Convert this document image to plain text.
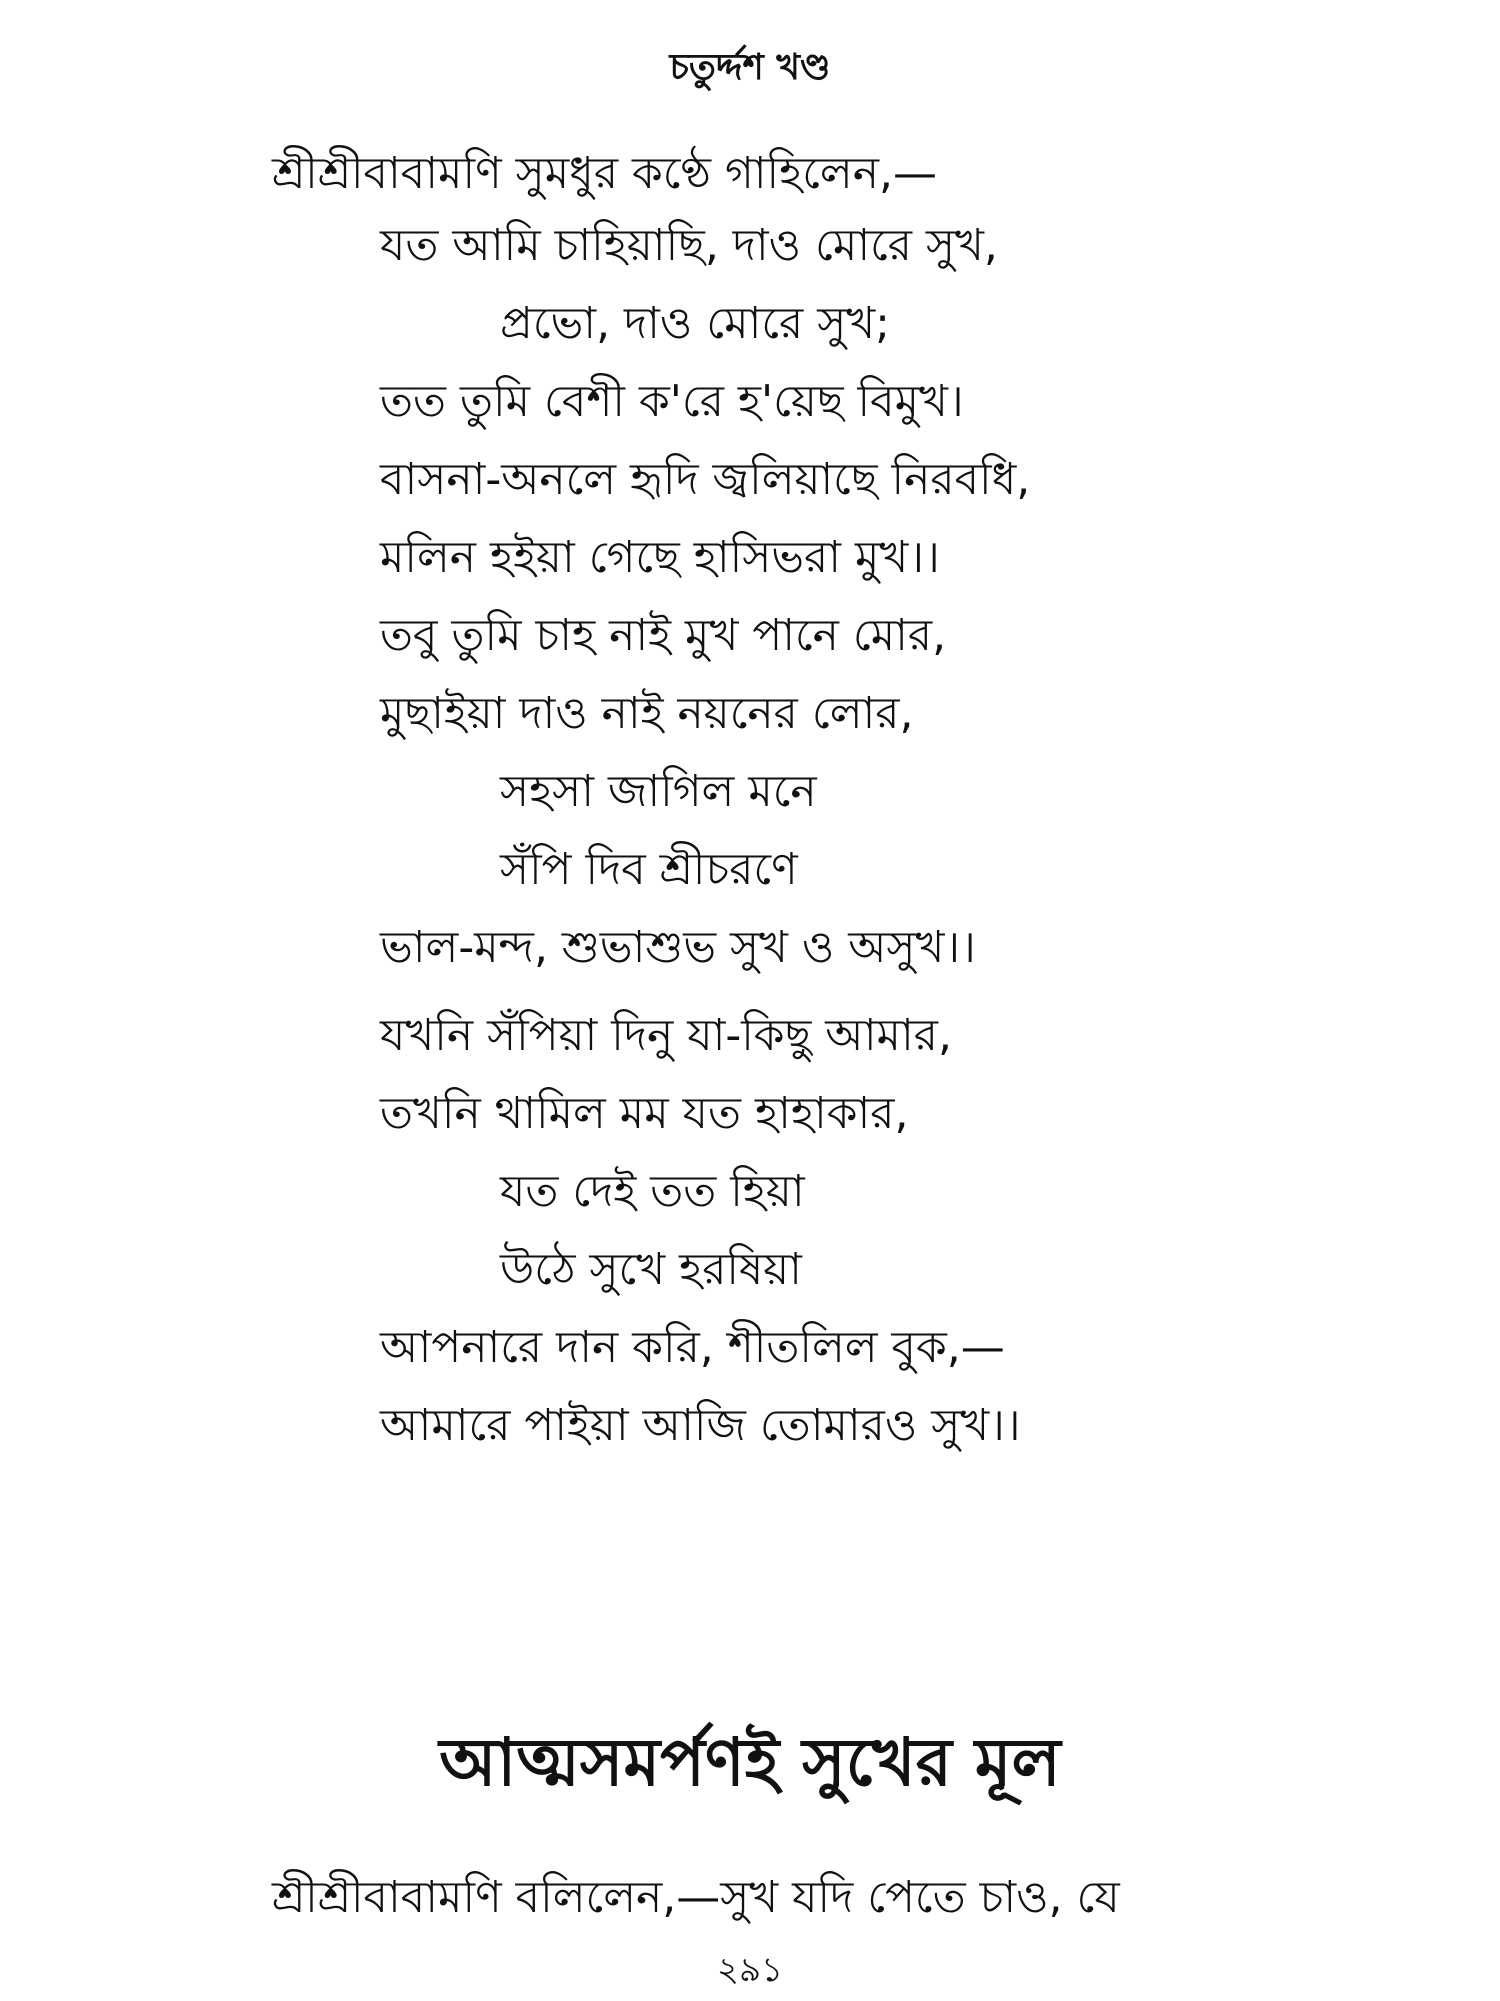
চতুর্দ্দশ খণ্ড
শ্রীশ্রীবাবামণি সুমধুর কণ্ঠে গাহিলেন,—
যত আমি চাহিয়াছি, দাও মোরে সুখ,
প্রভো, দাও মোরে সুখ;
তত তুমি বেশী ক'রে হ'য়েছ বিমুখ।
বাসনা-অনলে হৃদি জ্বলিয়াছে নিরবধি,
মলিন হইয়া গেছে হাসিভরা মুখ।।
তবু তুমি চাহ নাই মুখ পানে মোর,
মুছাইয়া দাও নাই নয়নের লোর,
সহসা জাগিল মনে
সঁপি দিব শ্রীচরণে
ভাল-মন্দ, শুভাশুভ সুখ ও অসুখ।।
যখনি সঁপিয়া দিনু যা-কিছু আমার,
তখনি থামিল মম যত হাহাকার,
যত দেই তত হিয়া
উঠে সুখে হরষিয়া
আপনারে দান করি, শীতলিল বুক,—
আমারে পাইয়া আজি তোমারও সুখ।।
আত্মসমর্পণই সুখের মূল
শ্রীশ্রীবাবামণি বলিলেন,—সুখ যদি পেতে চাও, যে
২৯১
